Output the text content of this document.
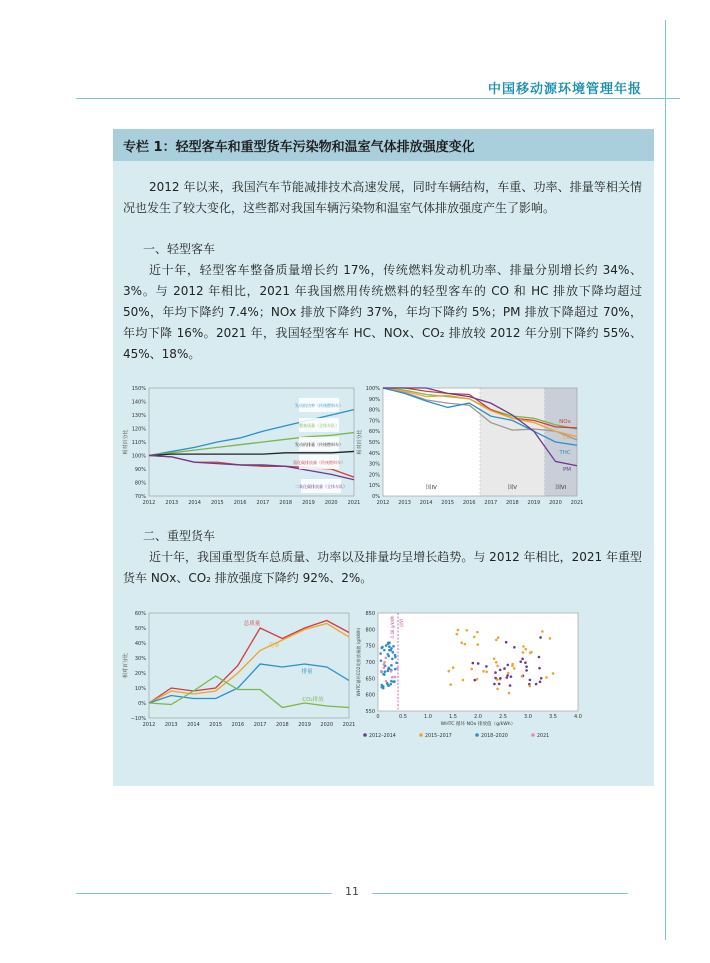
中国移动源环境管理年报
专栏 1：轻型客车和重型货车污染物和温室气体排放强度变化
2012 年以来，我国汽车节能减排技术高速发展，同时车辆结构，车重、功率、排量等相关情况也发生了较大变化，这些都对我国车辆污染物和温室气体排放强度产生了影响。
一、轻型客车
近十年，轻型客车整备质量增长约 17%，传统燃料发动机功率、排量分别增长约 34%、3%。与 2012 年相比，2021 年我国燃用传统燃料的轻型客车的 CO 和 HC 排放下降均超过 50%，年均下降约 7.4%；NOx 排放下降约 37%，年均下降约 5%；PM 排放下降超过 70%，年均下降 16%。2021 年，我国轻型客车 HC、NOx、CO₂ 排放较 2012 年分别下降约 55%、45%、18%。
70%
80%
90%
100%
110%
120%
130%
140%
150%
2012 2013 2014 2015 2016 2017 2018 2019 2020 2021
相对百分比
发动机功率（传统燃料车）
整备质量（全体车队）
发动机排量（传统燃料车）
氮化碳排放量（传统燃料车）
二氧化碳排放量（全体车队）	国IV	国V	国VI
0%
10%
20%
30%
40%
50%
60%
70%
80%
90%
100%
2012 2013 2014 2015 2016 2017 2018 2019 2020 2021
相对百分比
NOx
CO
THC
PM
二、重型货车
近十年，我国重型货车总质量、功率以及排量均呈增长趋势。与 2012 年相比，2021 年重型货车 NOx、CO₂ 排放强度下降约 92%、2%。
−10%
0%
10%
20%
30%
40%
50%
60%
2012 2013 2014 2015 2016 2017 2018 2019 2020 2021
相对百分比
总质量
功率
排量
CO₂排放
550
600
650
700
750
800
850
0	0.5	1.0	1.5	2.0	2.5	3.0	3.5	4.0
WHTC 循环 NOx 排放值（g/kWh）
WHTC循环CO2比排放量值 (g/kWh)
0.46 g/kWh 国VI
2012–2014	2015–2017	2018–2020	2021
11
